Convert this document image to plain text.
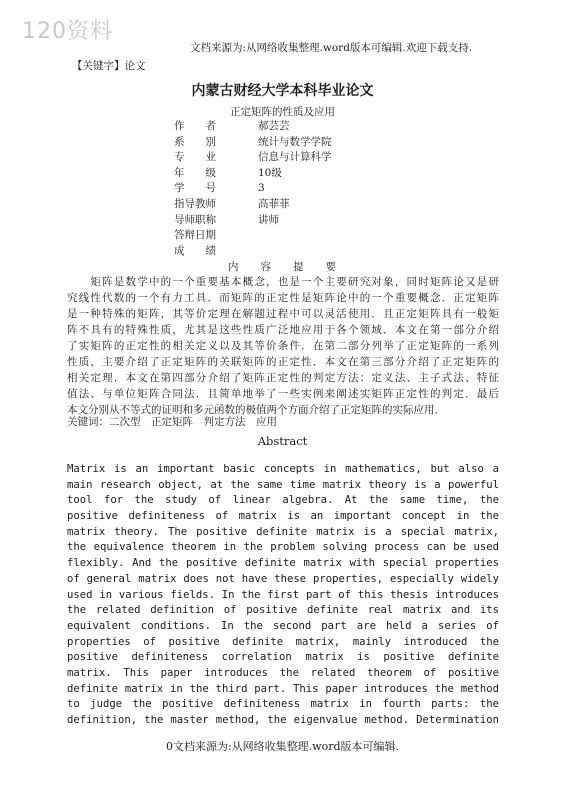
120资料
文档来源为:从网络收集整理.word版本可编辑.欢迎下载支持.
【关键字】论文
内蒙古财经大学本科毕业论文
正定矩阵的性质及应用
作　　者	郝芸芸
系　　别	统计与数学学院
专　　业	信息与计算科学
年　　级	10级
学　　号	3
指导教师	高菲菲
导师职称	讲师
答辩日期
成　　绩
内 容 提 要
　　矩阵是数学中的一个重要基本概念，也是一个主要研究对象，同时矩阵论又是研
究线性代数的一个有力工具．而矩阵的正定性是矩阵论中的一个重要概念．正定矩阵
是一种特殊的矩阵，其等价定理在解题过程中可以灵活使用．且正定矩阵具有一般矩
阵不具有的特殊性质，尤其是这些性质广泛地应用于各个领域．本文在第一部分介绍
了实矩阵的正定性的相关定义以及其等价条件．在第二部分列举了正定矩阵的一系列
性质，主要介绍了正定矩阵的关联矩阵的正定性．本文在第三部分介绍了正定矩阵的
相关定理．本文在第四部分介绍了矩阵正定性的判定方法：定义法、主子式法、特征
值法、与单位矩阵合同法．且简单地举了一些实例来阐述实矩阵正定性的判定．最后
本文分别从不等式的证明和多元函数的极值两个方面介绍了正定矩阵的实际应用．
关键词：二次型　正定矩阵　判定方法　应用
Abstract
Matrix is an important basic concepts in mathematics, but also a
main research object, at the same time matrix theory is a powerful
tool for the study of linear algebra. At the same time, the
positive definiteness of matrix is an important concept in the
matrix theory. The positive definite matrix is a special matrix,
the equivalence theorem in the problem solving process can be used
flexibly. And the positive definite matrix with special properties
of general matrix does not have these properties, especially widely
used in various fields. In the first part of this thesis introduces
the related definition of positive definite real matrix and its
equivalent conditions. In the second part are held a series of
properties of positive definite matrix, mainly introduced the
positive definiteness correlation matrix is positive definite
matrix. This paper introduces the related theorem of positive
definite matrix in the third part. This paper introduces the method
to judge the positive definiteness matrix in fourth parts: the
definition, the master method, the eigenvalue method. Determination
0文档来源为:从网络收集整理.word版本可编辑.
